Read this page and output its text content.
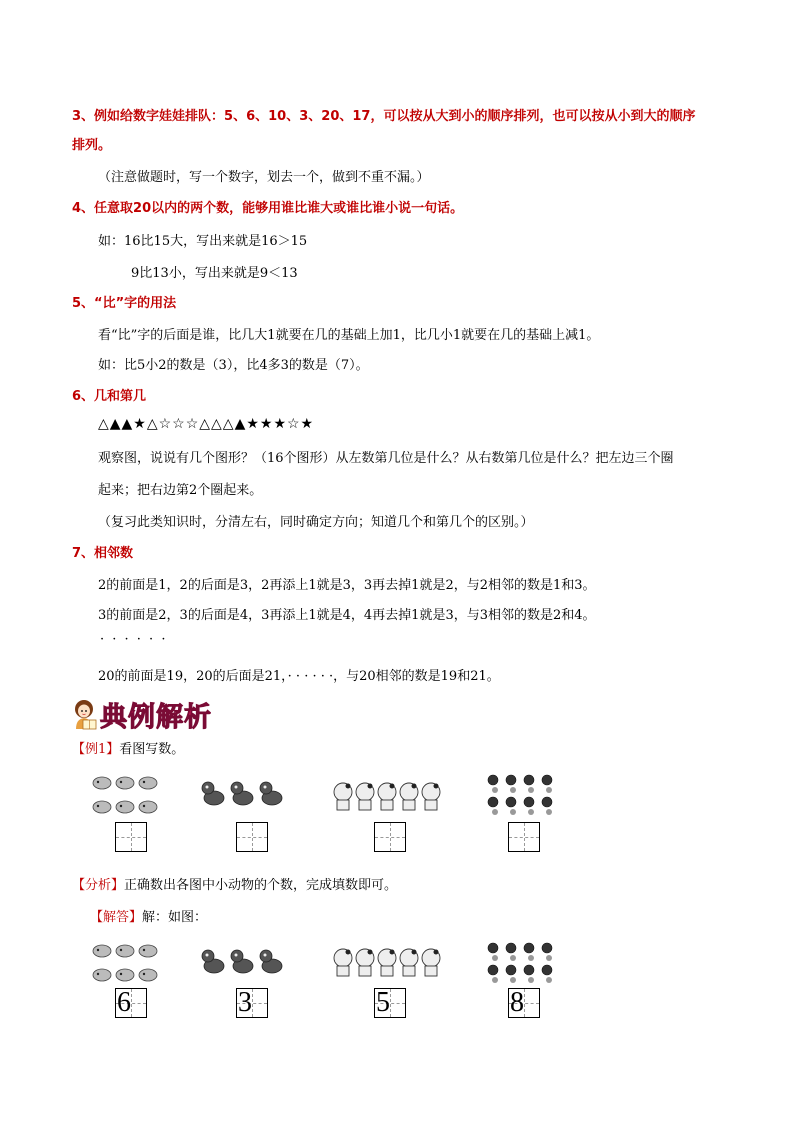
3、例如给数字娃娃排队：5、6、10、3、20、17，可以按从大到小的顺序排列，也可以按从小到大的顺序
排列。
（注意做题时，写一个数字，划去一个，做到不重不漏。）
4、任意取20以内的两个数，能够用谁比谁大或谁比谁小说一句话。
如：16比15大，写出来就是16＞15
9比13小，写出来就是9＜13
5、“比”字的用法
看“比”字的后面是谁，比几大1就要在几的基础上加1，比几小1就要在几的基础上减1。
如：比5小2的数是（3），比4多3的数是（7）。
6、几和第几
△▲▲★△☆☆☆△△△▲★★★☆★
观察图，说说有几个图形？（16个图形）从左数第几位是什么？从右数第几位是什么？把左边三个圈
起来；把右边第2个圈起来。
（复习此类知识时，分清左右，同时确定方向；知道几个和第几个的区别。）
7、相邻数
2的前面是1，2的后面是3，2再添上1就是3，3再去掉1就是2，与2相邻的数是1和3。
3的前面是2，3的后面是4，3再添上1就是4，4再去掉1就是3，与3相邻的数是2和4。
· · · · · ·
20的前面是19，20的后面是21，· · · · · ·，与20相邻的数是19和21。
典例解析
【例1】看图写数。
【分析】正确数出各图中小动物的个数，完成填数即可。
【解答】解：如图：
6	3	5	8
